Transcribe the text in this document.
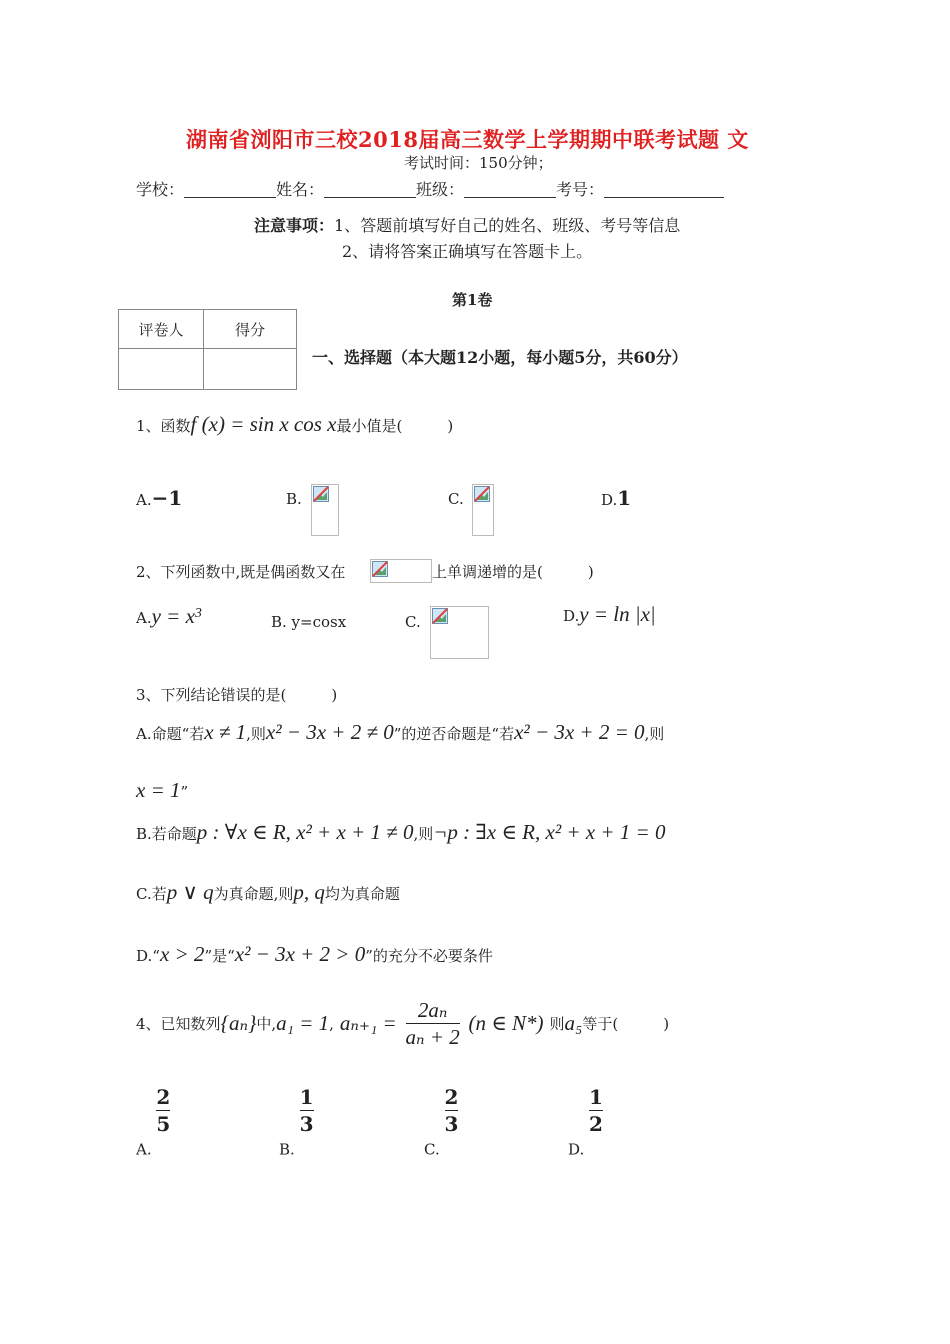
湖南省浏阳市三校2018届高三数学上学期期中联考试题 文
考试时间：150分钟；
学校：	姓名：	班级：	考号：
注意事项：1、答题前填写好自己的姓名、班级、考号等信息
2、请将答案正确填写在答题卡上。
第1卷
评卷人	得分

一、选择题（本大题12小题，每小题5分，共60分）
1、函数f (x) = sin x cos x最小值是(　　　)
A.−1	B.	C.	D.1
2、下列函数中,既是偶函数又在	上单调递增的是(　　　)
$A.y = x^3$	B. y=cosx	C.	D.y = ln |x|
3、下列结论错误的是(　　　)
A.命题“若x ≠ 1,则x² − 3x + 2 ≠ 0”的逆否命题是“若x² − 3x + 2 = 0,则
x = 1”
B.若命题p : ∀x ∈ R, x² + x + 1 ≠ 0,则¬p : ∃x ∈ R, x² + x + 1 = 0
C.若p ∨ q为真命题,则p, q均为真命题
D.“x > 2”是“x² − 3x + 2 > 0”的充分不必要条件
4、已知数列{aₙ}中,a₁ = 1, $a_{n+1} = \frac{\text{2aₙ}}{\text{aₙ + 2}} (n$ ∈ N*) 则a₅等于(　　　)
A.
$\frac{2}{5}$
B.
$\frac{1}{3}$
C.
$\frac{2}{3}$
D.
$\frac{1}{2}$
